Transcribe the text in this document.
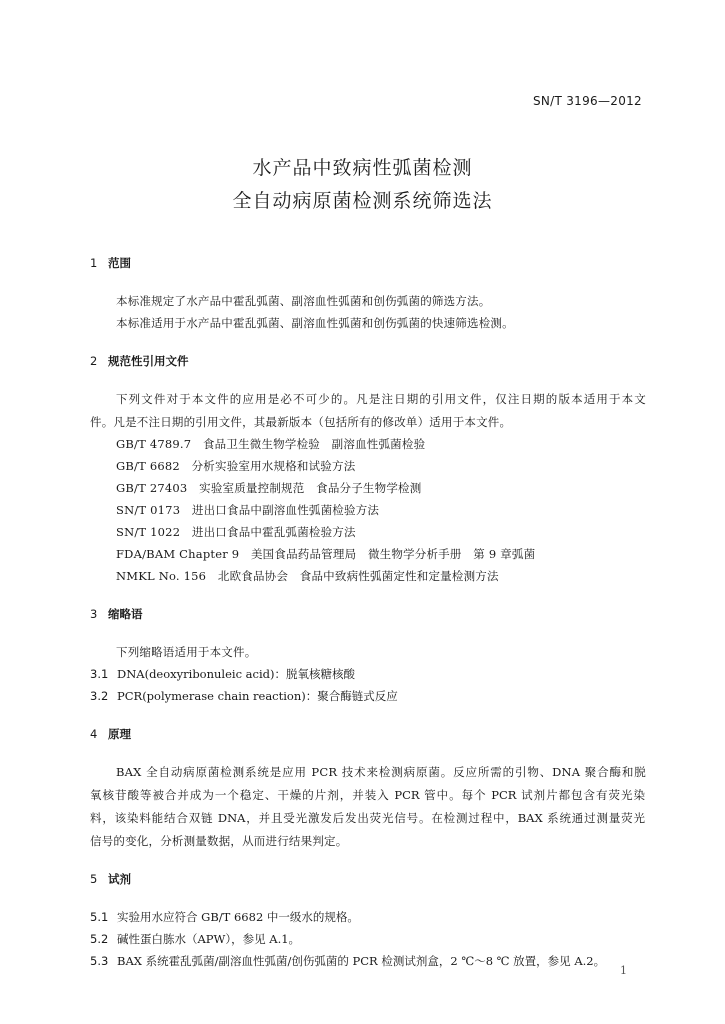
SN/T 3196—2012
水产品中致病性弧菌检测
全自动病原菌检测系统筛选法
1 范围
本标准规定了水产品中霍乱弧菌、副溶血性弧菌和创伤弧菌的筛选方法。
本标准适用于水产品中霍乱弧菌、副溶血性弧菌和创伤弧菌的快速筛选检测。
2 规范性引用文件
下列文件对于本文件的应用是必不可少的。凡是注日期的引用文件，仅注日期的版本适用于本文
件。凡是不注日期的引用文件，其最新版本（包括所有的修改单）适用于本文件。
GB/T 4789.7　食品卫生微生物学检验　副溶血性弧菌检验
GB/T 6682　分析实验室用水规格和试验方法
GB/T 27403　实验室质量控制规范　食品分子生物学检测
SN/T 0173　进出口食品中副溶血性弧菌检验方法
SN/T 1022　进出口食品中霍乱弧菌检验方法
FDA/BAM Chapter 9　美国食品药品管理局　微生物学分析手册　第 9 章弧菌
NMKL No. 156　北欧食品协会　食品中致病性弧菌定性和定量检测方法
3 缩略语
下列缩略语适用于本文件。
3.1 DNA(deoxyribonuleic acid)：脱氧核糖核酸
3.2 PCR(polymerase chain reaction)：聚合酶链式反应
4 原理
BAX 全自动病原菌检测系统是应用 PCR 技术来检测病原菌。反应所需的引物、DNA 聚合酶和脱
氧核苷酸等被合并成为一个稳定、干燥的片剂，并装入 PCR 管中。每个 PCR 试剂片都包含有荧光染
料，该染料能结合双链 DNA，并且受光激发后发出荧光信号。在检测过程中，BAX 系统通过测量荧光
信号的变化，分析测量数据，从而进行结果判定。
5 试剂
5.1 实验用水应符合 GB/T 6682 中一级水的规格。
5.2 碱性蛋白胨水（APW），参见 A.1。
5.3 BAX 系统霍乱弧菌/副溶血性弧菌/创伤弧菌的 PCR 检测试剂盒，2 ℃～8 ℃ 放置，参见 A.2。
1
